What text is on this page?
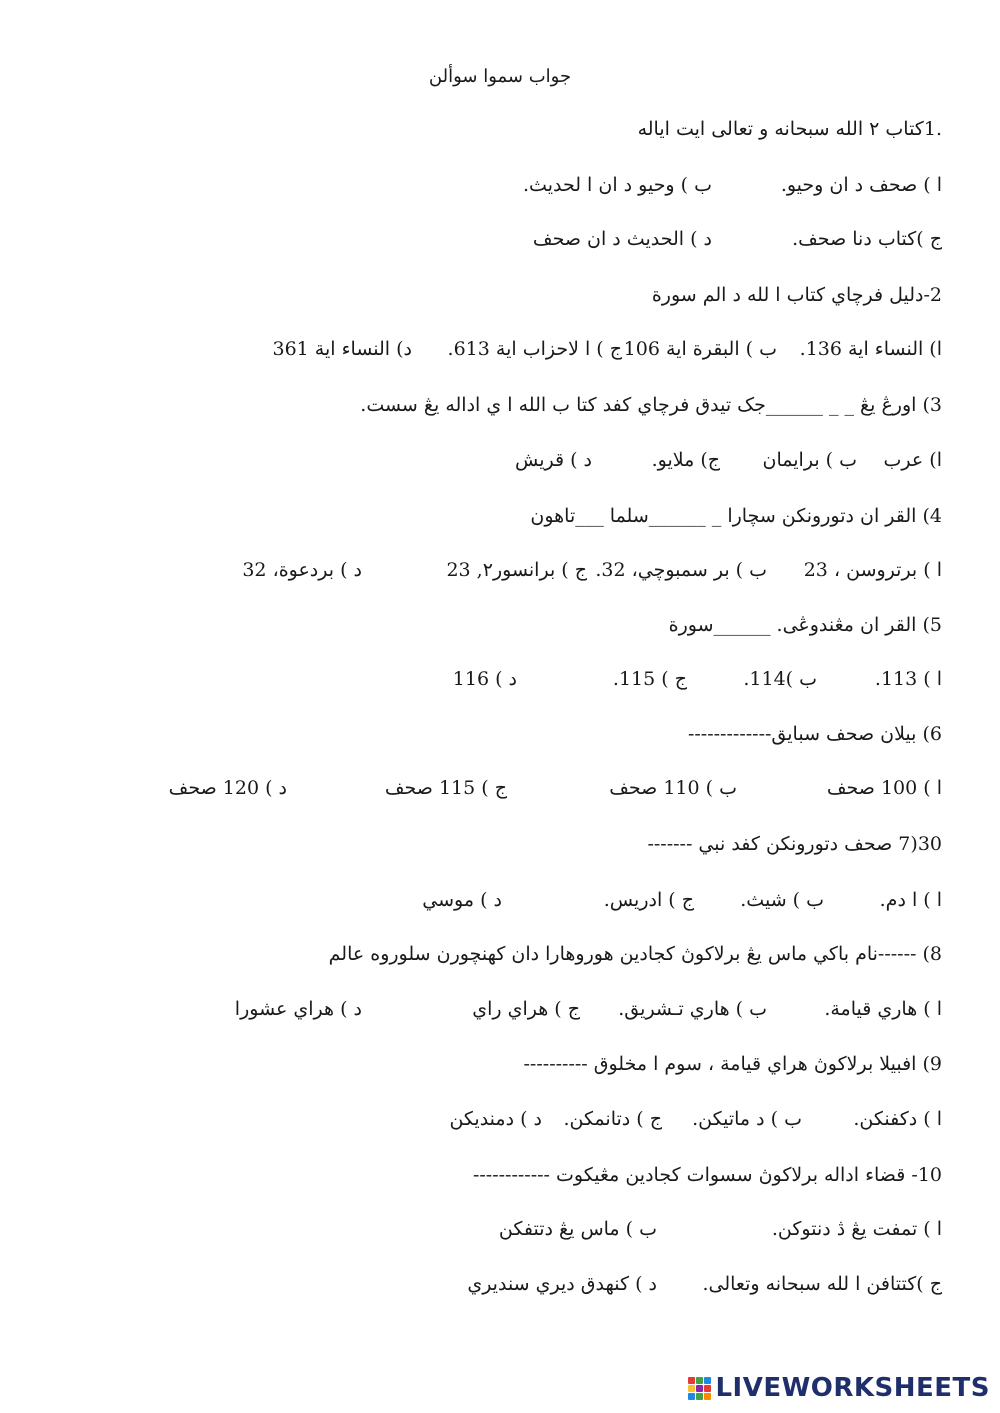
جواب سموا سوألن
.1كتاب ٢ الله سبحانه و تعالى ايت اياله
ا ) صحف د ان وحيو.
ب ) وحيو د ان ا لحديث.
ج )كتاب دنا صحف.
د ) الحديث د ان صحف
2-دليل فرچاي كتاب ا لله د الم سورة
ا) النساء اية 136.
ب ) البقرة اية 106
ج ) ا لاحزاب اية 613.
د) النساء اية 361
3) اورڠ يڠ _ _ ______جک تيدق فرچاي كفد كتا ب الله ا ي اداله يڠ سست.
ا) عرب
ب ) برايمان
ج) ملايو.
د ) قريش
4) القر ان دتورونكن سچارا _ ______سلما ___تاهون
ا ) برتروسن ، 23
ب ) بر سمبوچي، 32.
ج ) برانسور٢, 23
د ) بردعوة، 32
5) القر ان مڠندوڠى. ______سورة
ا ) 113.
ب )114.
ج ) 115.
د ) 116
6) بيلان صحف سبايق-------------
ا ) 100 صحف
ب ) 110 صحف
ج ) 115 صحف
د ) 120 صحف
30(7 صحف دتورونكن كفد نبي -------
ا ) ا دم.
ب ) شيث.
ج ) ادريس.
د ) موسي
8) ------نام باكي ماس يڠ برلاكوڽ كجادين هوروهارا دان كهنچورن سلوروه عالم
ا ) هاري قيامة.
ب ) هاري تـشريق.
ج ) هراي راي
د ) هراي عشورا
9) افبيلا برلاكوڽ هراي قيامة ، سوم ا مخلوق ----------
ا ) دكفنكن.
ب ) د ماتيكن.
ج ) دتانمكن.
د ) دمنديكن
10- قضاء اداله برلاكوڽ سسوات كجادين مڠيكوت ------------
ا ) تمفت يڠ ڎ دنتوكن.
ب ) ماس يڠ دتتفكن
ج )كتتافن ا لله سبحانه وتعالى.
د ) كنهدق ديري سنديري
LIVEWORKSHEETS
